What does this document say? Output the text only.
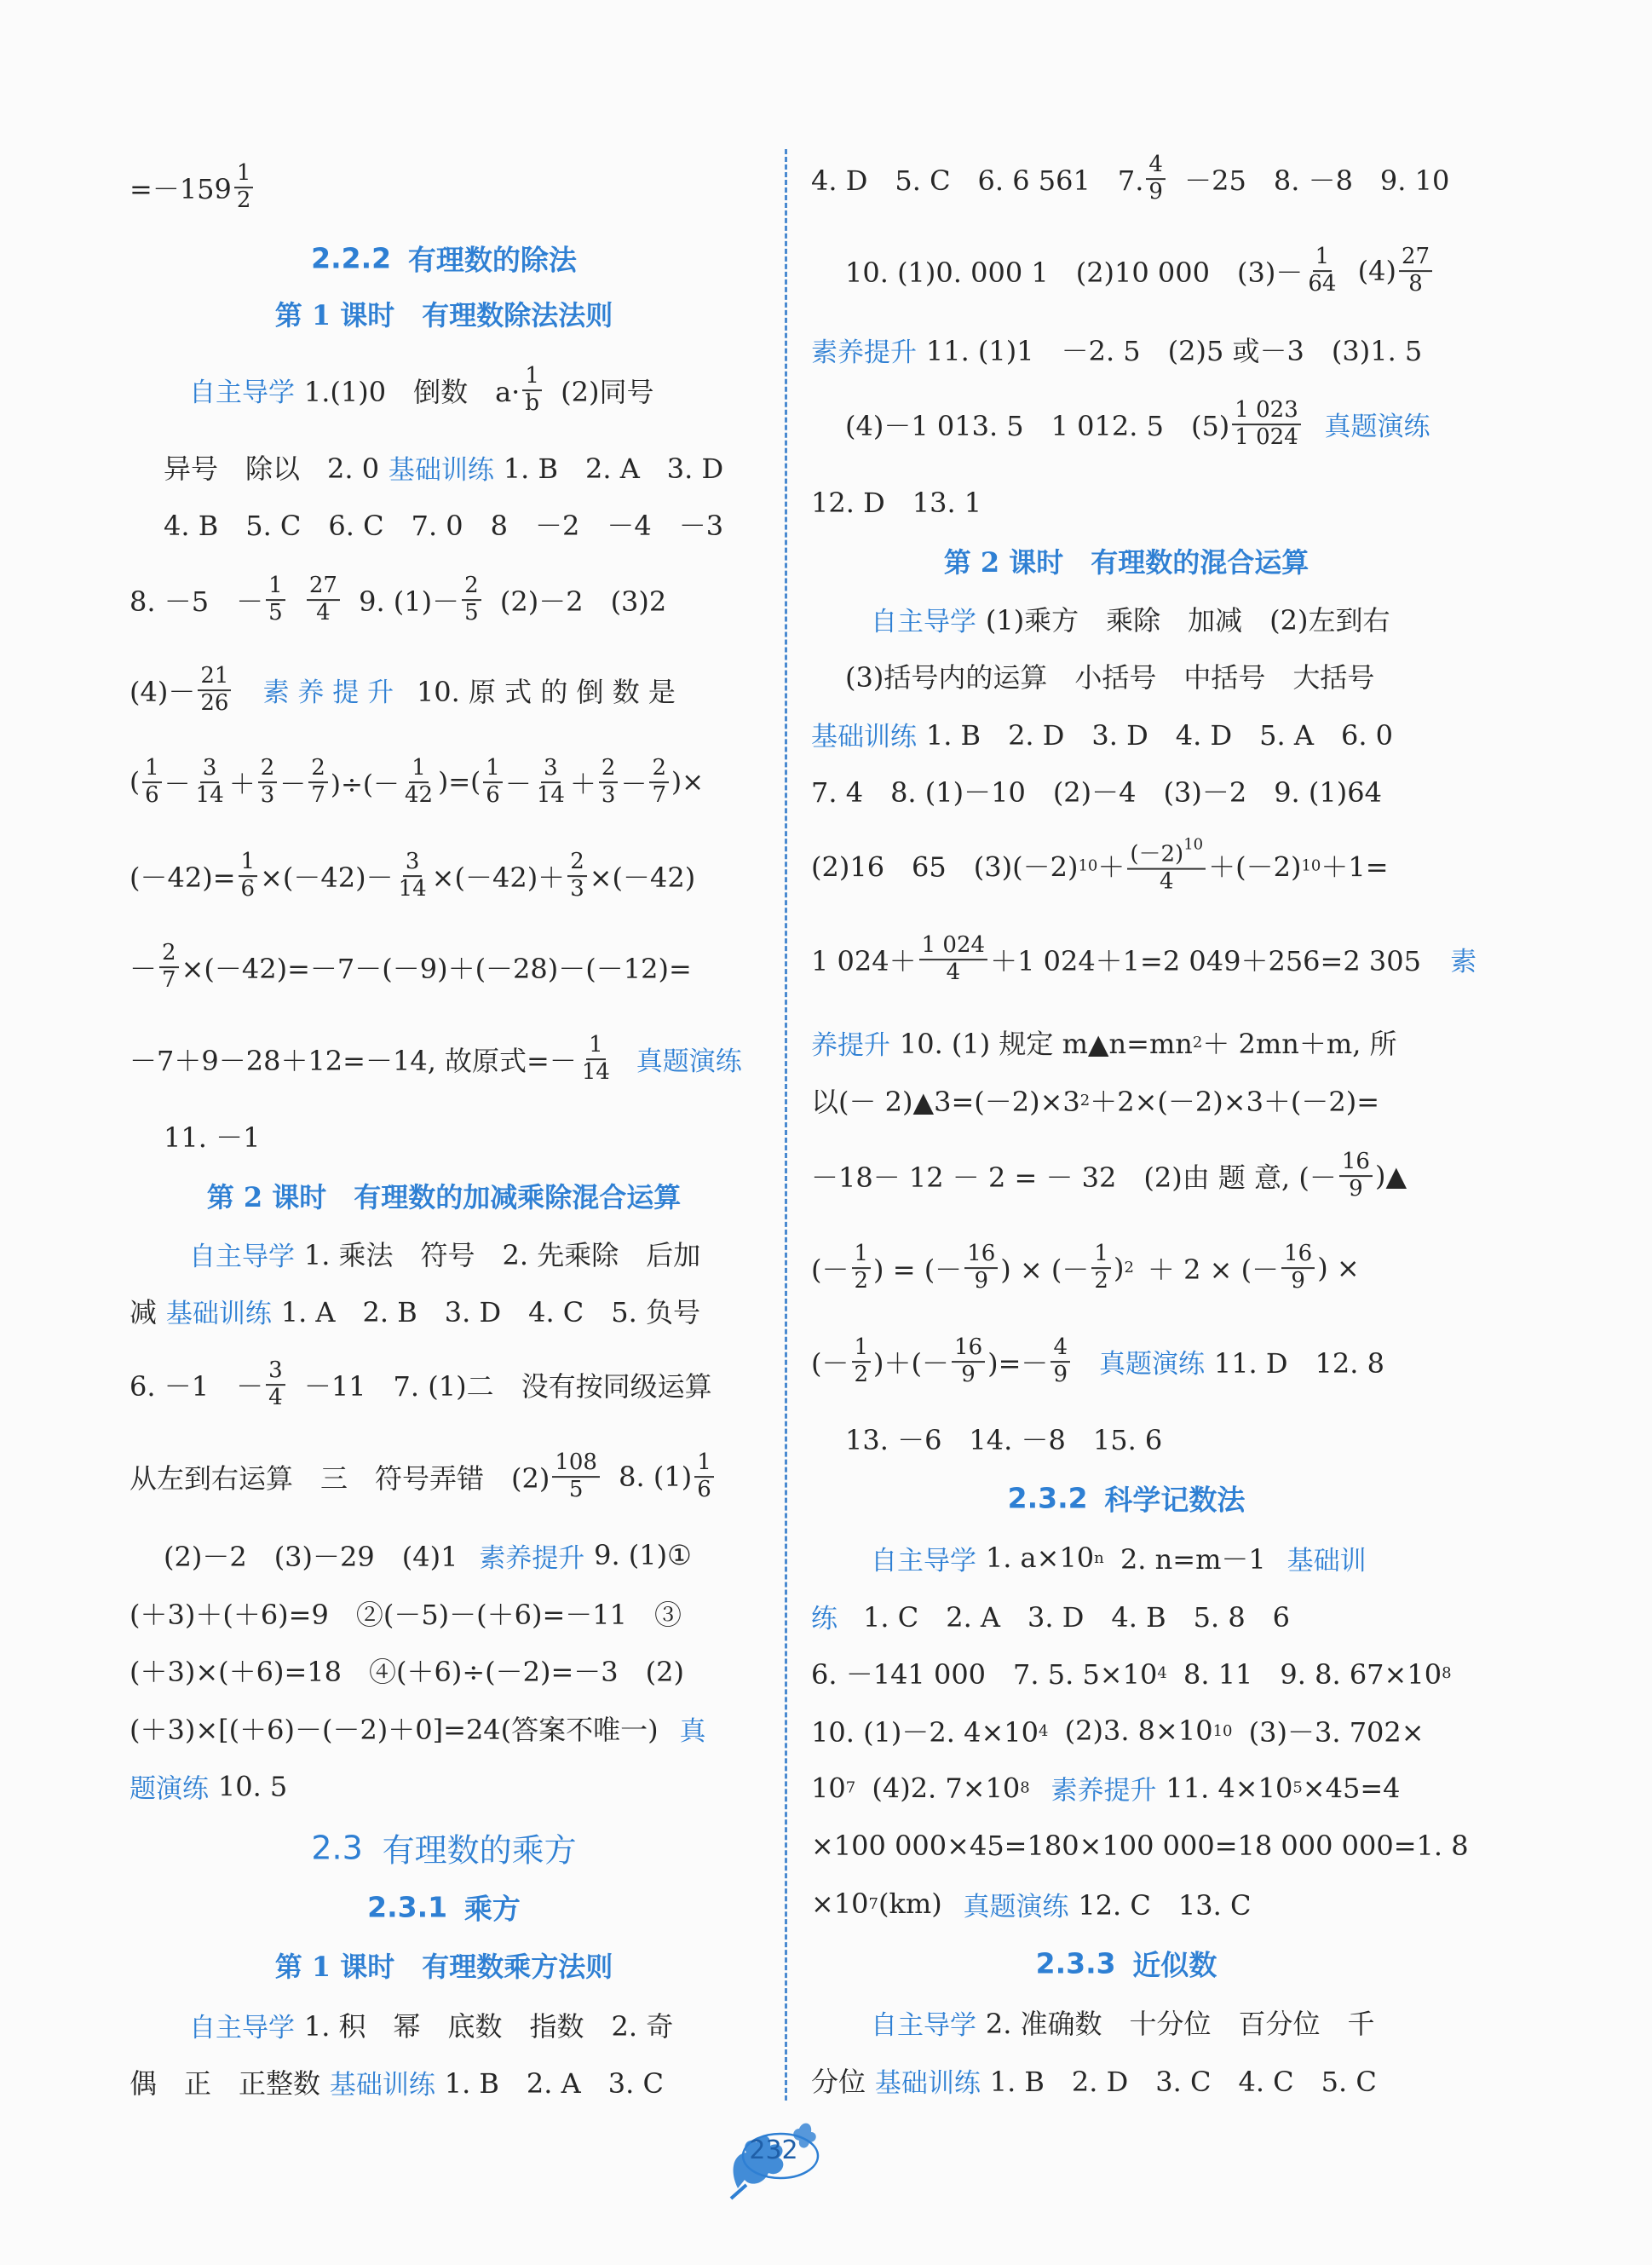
$=-159 \frac{1}{2}$
2.2.2 有理数的除法
第 1 课时　有理数除法法则
自主导学 1.(1)0　倒数　$a\cdot \frac{1}{b} (2)$同号
异号　除以　2. 0 基础训练 1. B　2. A　3. D
4. B　5. C　6. C　7. 0　8　－2　－4　－3
8. －5　－ $\frac{1}{5} \frac{27}{4} 9$. $(1)- \frac{2}{5} (2)-2$　(3)2
$(4)- \frac{21}{26}$ 素 养 提 升 10. 原 式 的 倒 数 是
( $\frac{1}{6} - \frac{3}{14} + \frac{2}{3} - \frac{2}{7}$ )÷(－ $\frac{1}{42}$ )=( $\frac{1}{6} - \frac{3}{14} + \frac{2}{3} - \frac{2}{7}$ )×
$(-42)= \frac{1}{6} \times(-42)- \frac{3}{14} \times(-42)+ \frac{2}{3} \times(-42)$
－ $\frac{2}{7} \times(-42)=-7-(-9)+(-28)-(-12)=$
－7＋9－28＋12=－14, 故原式=－ $\frac{1}{14}$ 真题演练
11. －1
第 2 课时　有理数的加减乘除混合运算
自主导学 1. 乘法　符号　2. 先乘除　后加
减 基础训练 1. A　2. B　3. D　4. C　5. 负号
6. －1　－ $\frac{3}{4} -11$　7. (1)二　没有按同级运算
从左到右运算　三　符号弄错　$(2) \frac{108}{5} 8$. $(1) \frac{1}{6}$
(2)－2　(3)－29　(4)1 素养提升 9. (1)①
(＋3)＋(＋6)=9　②(－5)－(＋6)=－11　③
(＋3)×(＋6)=18　④(＋6)÷(－2)=－3　(2)
(＋3)×[(＋6)－(－2)＋0]=24(答案不唯一) 真
题演练 10. 5
2.3 有理数的乘方
2.3.1 乘方
第 1 课时　有理数乘方法则
自主导学 1. 积　幂　底数　指数　2. 奇
偶　正　正整数 基础训练 1. B　2. A　3. C
4. D　5. C　6. 6 561　7. $\frac{4}{9} -25$　8. －8　9. 10
10. (1)0. 000 1　(2)10 000　$(3)- \frac{1}{64} (4) \frac{27}{8}$
素养提升 11. (1)1　－2. 5　(2)5 或－3　(3)1. 5
(4)－1 013. 5　1 012. 5　$(5) \frac{1 023}{1 024}$ 真题演练
12. D　13. 1
第 2 课时　有理数的混合运算
自主导学 (1)乘方　乘除　加减　(2)左到右
(3)括号内的运算　小括号　中括号　大括号
基础训练 1. B　2. D　3. D　4. D　5. A　6. 0
7. 4　8. (1)－10　(2)－4　(3)－2　9. (1)64
(2)16　65　(3)(－2) $10 + \frac{(-2)^{10}}{4} +(-2)$ 10 ＋1=
1 $024+ \frac{1 024}{4} +1$ 024＋1=2 049＋256=2 305 素
养提升 10. (1) 规定 m▲n=mn 2 ＋ 2mn＋m, 所
以(－ 2)▲3=(－2)×3 2 ＋2×(－2)×3＋(－2)=
－18－ 12 － 2 = － 32　(2)由 题 意, (－ $\frac{16}{9}$ )▲
(－ $\frac{1}{2}$ ) = (－ $\frac{16}{9}$ ) × (－ $\frac{1}{2}$ ) 2 ＋ 2 × (－ $\frac{16}{9}$ ) ×
(－ $\frac{1}{2}$ )＋(－ $\frac{16}{9}$ )=－ $\frac{4}{9}$ 真题演练 11. D　12. 8
13. －6　14. －8　15. 6
2.3.2 科学记数法
自主导学 1. a×10 n 2. n=m－1 基础训
练 1. C　2. A　3. D　4. B　5. 8　6
6. －141 000　7. 5. 5×10 4 8. 11　9. 8. 67×10 8
10. (1)－2. 4×10 4 (2)3. 8×10 10 (3)－3. 702×
10 7 (4)2. 7×10 8 素养提升 11. 4×10 5 ×45=4
×100 000×45=180×100 000=18 000 000=1. 8
×10 7 (km) 真题演练 12. C　13. C
2.3.3 近似数
自主导学 2. 准确数　十分位　百分位　千
分位 基础训练 1. B　2. D　3. C　4. C　5. C
232
